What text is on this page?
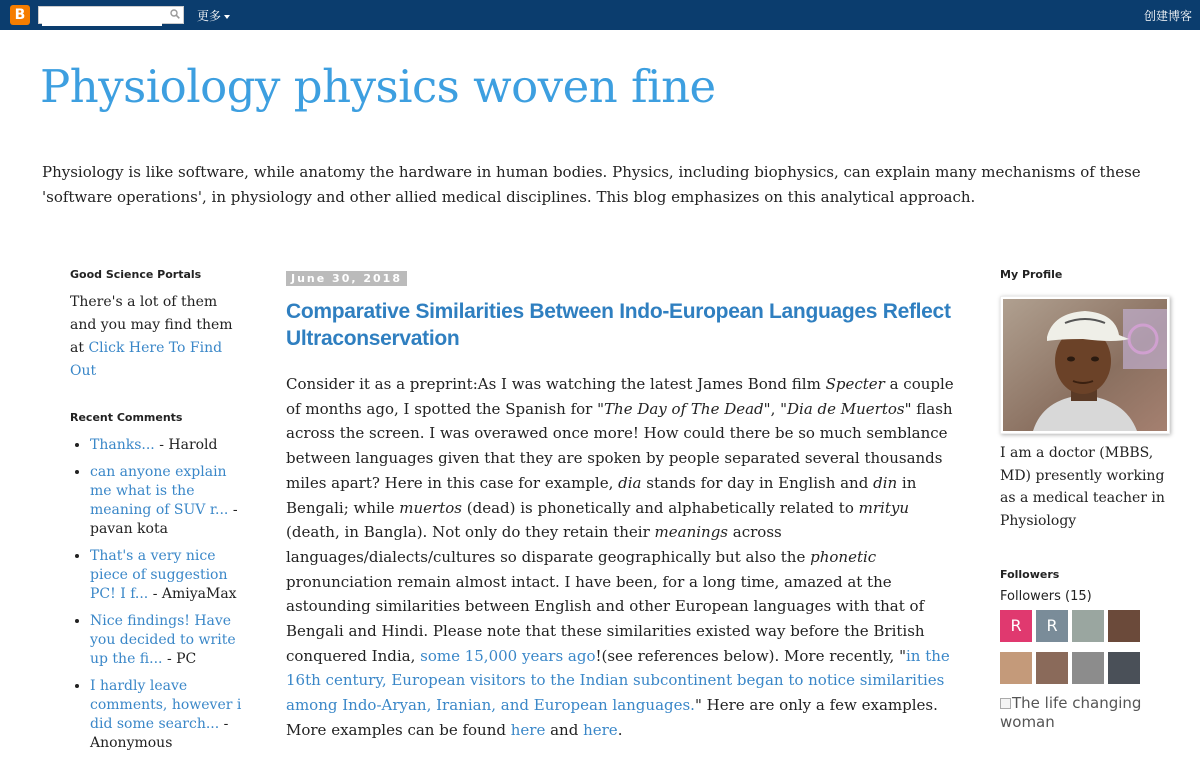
B	更多	创建博客
Physiology physics woven fine

Physiology is like software, while anatomy the hardware in human bodies. Physics, including biophysics, can explain many mechanisms of these 'software operations', in physiology and other allied medical disciplines. This blog emphasizes on this analytical approach.

Good Science Portals

There's a lot of them and you may find them at Click Here To Find Out

Recent Comments
• Thanks... - Harold
• can anyone explain me what is the meaning of SUV r... - pavan kota
• That's a very nice piece of suggestion PC! I f... - AmiyaMax
• Nice findings! Have you decided to write up the fi... - PC
• I hardly leave comments, however i did some search... - Anonymous
June 30, 2018
Comparative Similarities Between Indo-European Languages Reflect Ultraconservation
Consider it as a preprint:As I was watching the latest James Bond film Specter a couple of months ago, I spotted the Spanish for "The Day of The Dead", "Dia de Muertos" flash across the screen. I was overawed once more! How could there be so much semblance between languages given that they are spoken by people separated several thousands miles apart? Here in this case for example, dia stands for day in English and din in Bengali; while muertos (dead) is phonetically and alphabetically related to mrityu (death, in Bangla). Not only do they retain their meanings across languages/dialects/cultures so disparate geographically but also the phonetic pronunciation remain almost intact. I have been, for a long time, amazed at the astounding similarities between English and other European languages with that of Bengali and Hindi. Please note that these similarities existed way before the British conquered India, some 15,000 years ago!(see references below). More recently, "in the 16th century, European visitors to the Indian subcontinent began to notice similarities among Indo-Aryan, Iranian, and European languages." Here are only a few examples. More examples can be found here and here.
My Profile

I am a doctor (MBBS, MD) presently working as a medical teacher in Physiology

Followers
Followers (15)
R	R
The life changing woman
